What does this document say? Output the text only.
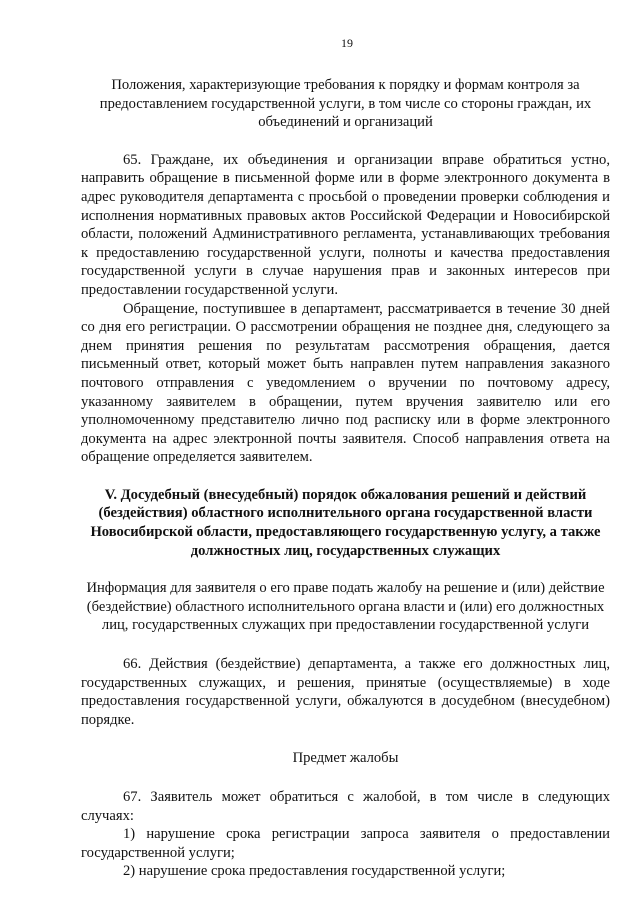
19

Положения, характеризующие требования к порядку и формам контроля за предоставлением государственной услуги, в том числе со стороны граждан, их объединений и организаций

65. Граждане, их объединения и организации вправе обратиться устно, направить обращение в письменной форме или в форме электронного документа в адрес руководителя департамента с просьбой о проведении проверки соблюдения и исполнения нормативных правовых актов Российской Федерации и Новосибирской области, положений Административного регламента, устанавливающих требования к предоставлению государственной услуги, полноты и качества предоставления государственной услуги в случае нарушения прав и законных интересов при предоставлении государственной услуги.

Обращение, поступившее в департамент, рассматривается в течение 30 дней со дня его регистрации. О рассмотрении обращения не позднее дня, следующего за днем принятия решения по результатам рассмотрения обращения, дается письменный ответ, который может быть направлен путем направления заказного почтового отправления с уведомлением о вручении по почтовому адресу, указанному заявителем в обращении, путем вручения заявителю или его уполномоченному представителю лично под расписку или в форме электронного документа на адрес электронной почты заявителя. Способ направления ответа на обращение определяется заявителем.

V. Досудебный (внесудебный) порядок обжалования решений и действий (бездействия) областного исполнительного органа государственной власти Новосибирской области, предоставляющего государственную услугу, а также должностных лиц, государственных служащих

Информация для заявителя о его праве подать жалобу на решение и (или) действие (бездействие) областного исполнительного органа власти и (или) его должностных лиц, государственных служащих при предоставлении государственной услуги

66. Действия (бездействие) департамента, а также его должностных лиц, государственных служащих, и решения, принятые (осуществляемые) в ходе предоставления государственной услуги, обжалуются в досудебном (внесудебном) порядке.

Предмет жалобы

67. Заявитель может обратиться с жалобой, в том числе в следующих случаях:

1) нарушение срока регистрации запроса заявителя о предоставлении государственной услуги;

2) нарушение срока предоставления государственной услуги;
